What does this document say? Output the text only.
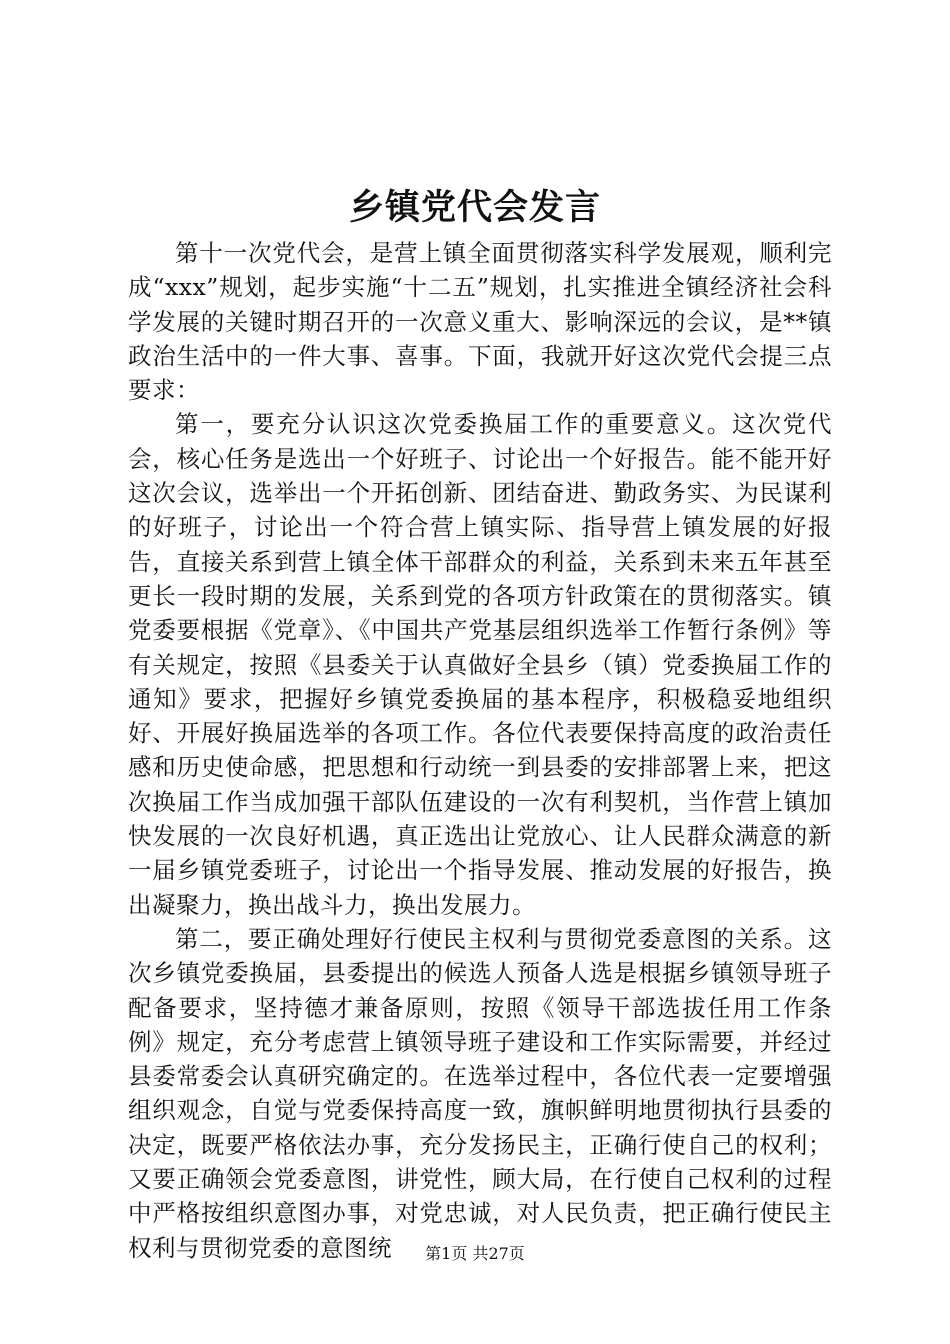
乡镇党代会发言

第十一次党代会，是营上镇全面贯彻落实科学发展观，顺利完成“xxx”规划，起步实施“十二五”规划，扎实推进全镇经济社会科学发展的关键时期召开的一次意义重大、影响深远的会议，是**镇政治生活中的一件大事、喜事。下面，我就开好这次党代会提三点要求：

第一，要充分认识这次党委换届工作的重要意义。这次党代会，核心任务是选出一个好班子、讨论出一个好报告。能不能开好这次会议，选举出一个开拓创新、团结奋进、勤政务实、为民谋利的好班子，讨论出一个符合营上镇实际、指导营上镇发展的好报告，直接关系到营上镇全体干部群众的利益，关系到未来五年甚至更长一段时期的发展，关系到党的各项方针政策在的贯彻落实。镇党委要根据《党章》、《中国共产党基层组织选举工作暂行条例》等有关规定，按照《县委关于认真做好全县乡（镇）党委换届工作的通知》要求，把握好乡镇党委换届的基本程序，积极稳妥地组织好、开展好换届选举的各项工作。各位代表要保持高度的政治责任感和历史使命感，把思想和行动统一到县委的安排部署上来，把这次换届工作当成加强干部队伍建设的一次有利契机，当作营上镇加快发展的一次良好机遇，真正选出让党放心、让人民群众满意的新一届乡镇党委班子，讨论出一个指导发展、推动发展的好报告，换出凝聚力，换出战斗力，换出发展力。

第二，要正确处理好行使民主权利与贯彻党委意图的关系。这次乡镇党委换届，县委提出的候选人预备人选是根据乡镇领导班子配备要求，坚持德才兼备原则，按照《领导干部选拔任用工作条例》规定，充分考虑营上镇领导班子建设和工作实际需要，并经过县委常委会认真研究确定的。在选举过程中，各位代表一定要增强组织观念，自觉与党委保持高度一致，旗帜鲜明地贯彻执行县委的决定，既要严格依法办事，充分发扬民主，正确行使自己的权利；又要正确领会党委意图，讲党性，顾大局，在行使自己权利的过程中严格按组织意图办事，对党忠诚，对人民负责，把正确行使民主权利与贯彻党委的意图统	第1页 共27页
